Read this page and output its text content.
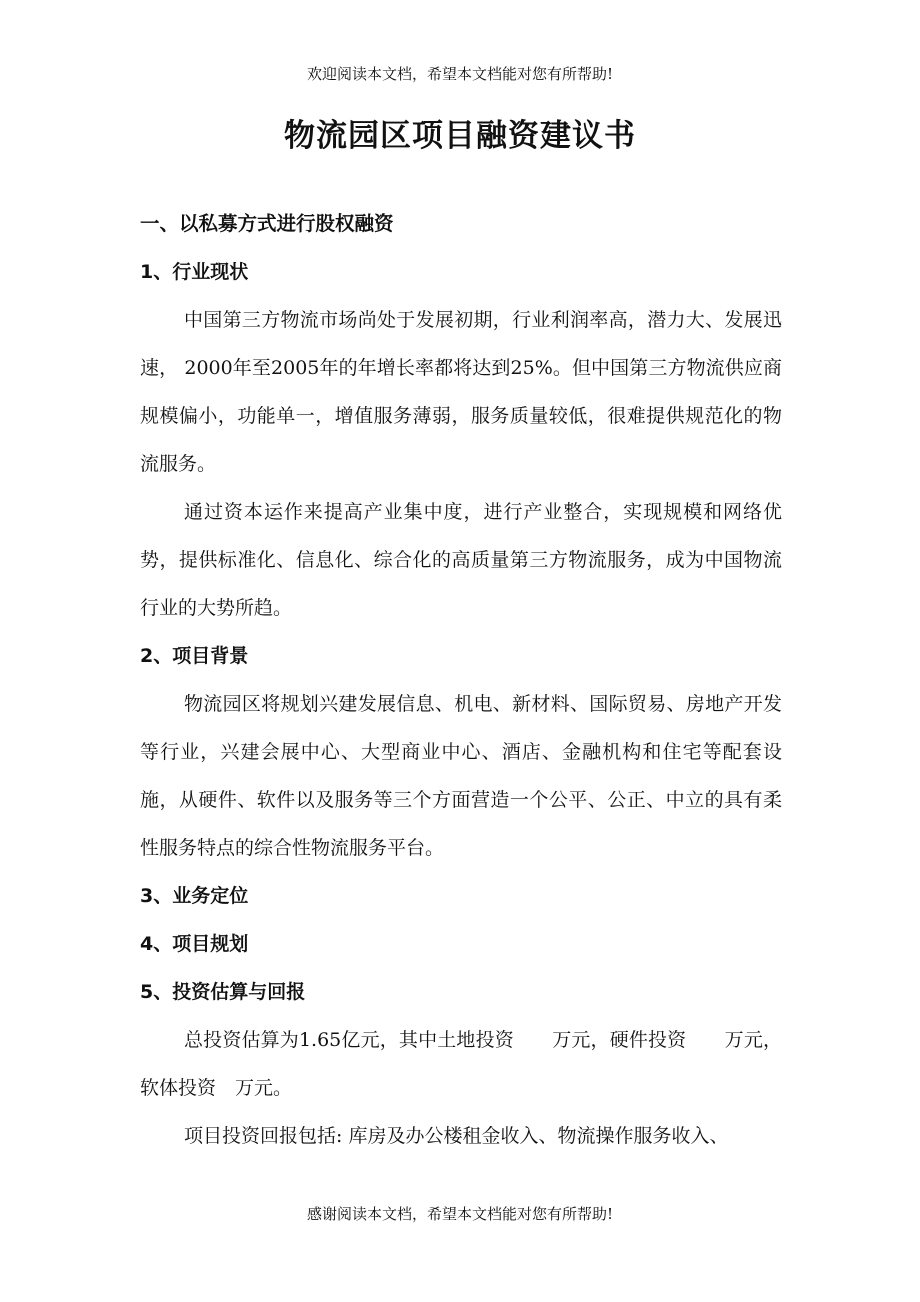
欢迎阅读本文档，希望本文档能对您有所帮助!
物流园区项目融资建议书
一、以私募方式进行股权融资
1、行业现状

中国第三方物流市场尚处于发展初期，行业利润率高，潜力大、发展迅速， 2000年至2005年的年增长率都将达到25%。但中国第三方物流供应商规模偏小，功能单一，增值服务薄弱，服务质量较低，很难提供规范化的物流服务。

通过资本运作来提高产业集中度，进行产业整合，实现规模和网络优势，提供标准化、信息化、综合化的高质量第三方物流服务，成为中国物流行业的大势所趋。

2、项目背景

物流园区将规划兴建发展信息、机电、新材料、国际贸易、房地产开发等行业，兴建会展中心、大型商业中心、酒店、金融机构和住宅等配套设施，从硬件、软件以及服务等三个方面营造一个公平、公正、中立的具有柔性服务特点的综合性物流服务平台。

3、业务定位
4、项目规划
5、投资估算与回报

总投资估算为1.65亿元，其中土地投资　　万元，硬件投资　　万元，软体投资　万元。

项目投资回报包括: 库房及办公楼租金收入、物流操作服务收入、

感谢阅读本文档，希望本文档能对您有所帮助!
